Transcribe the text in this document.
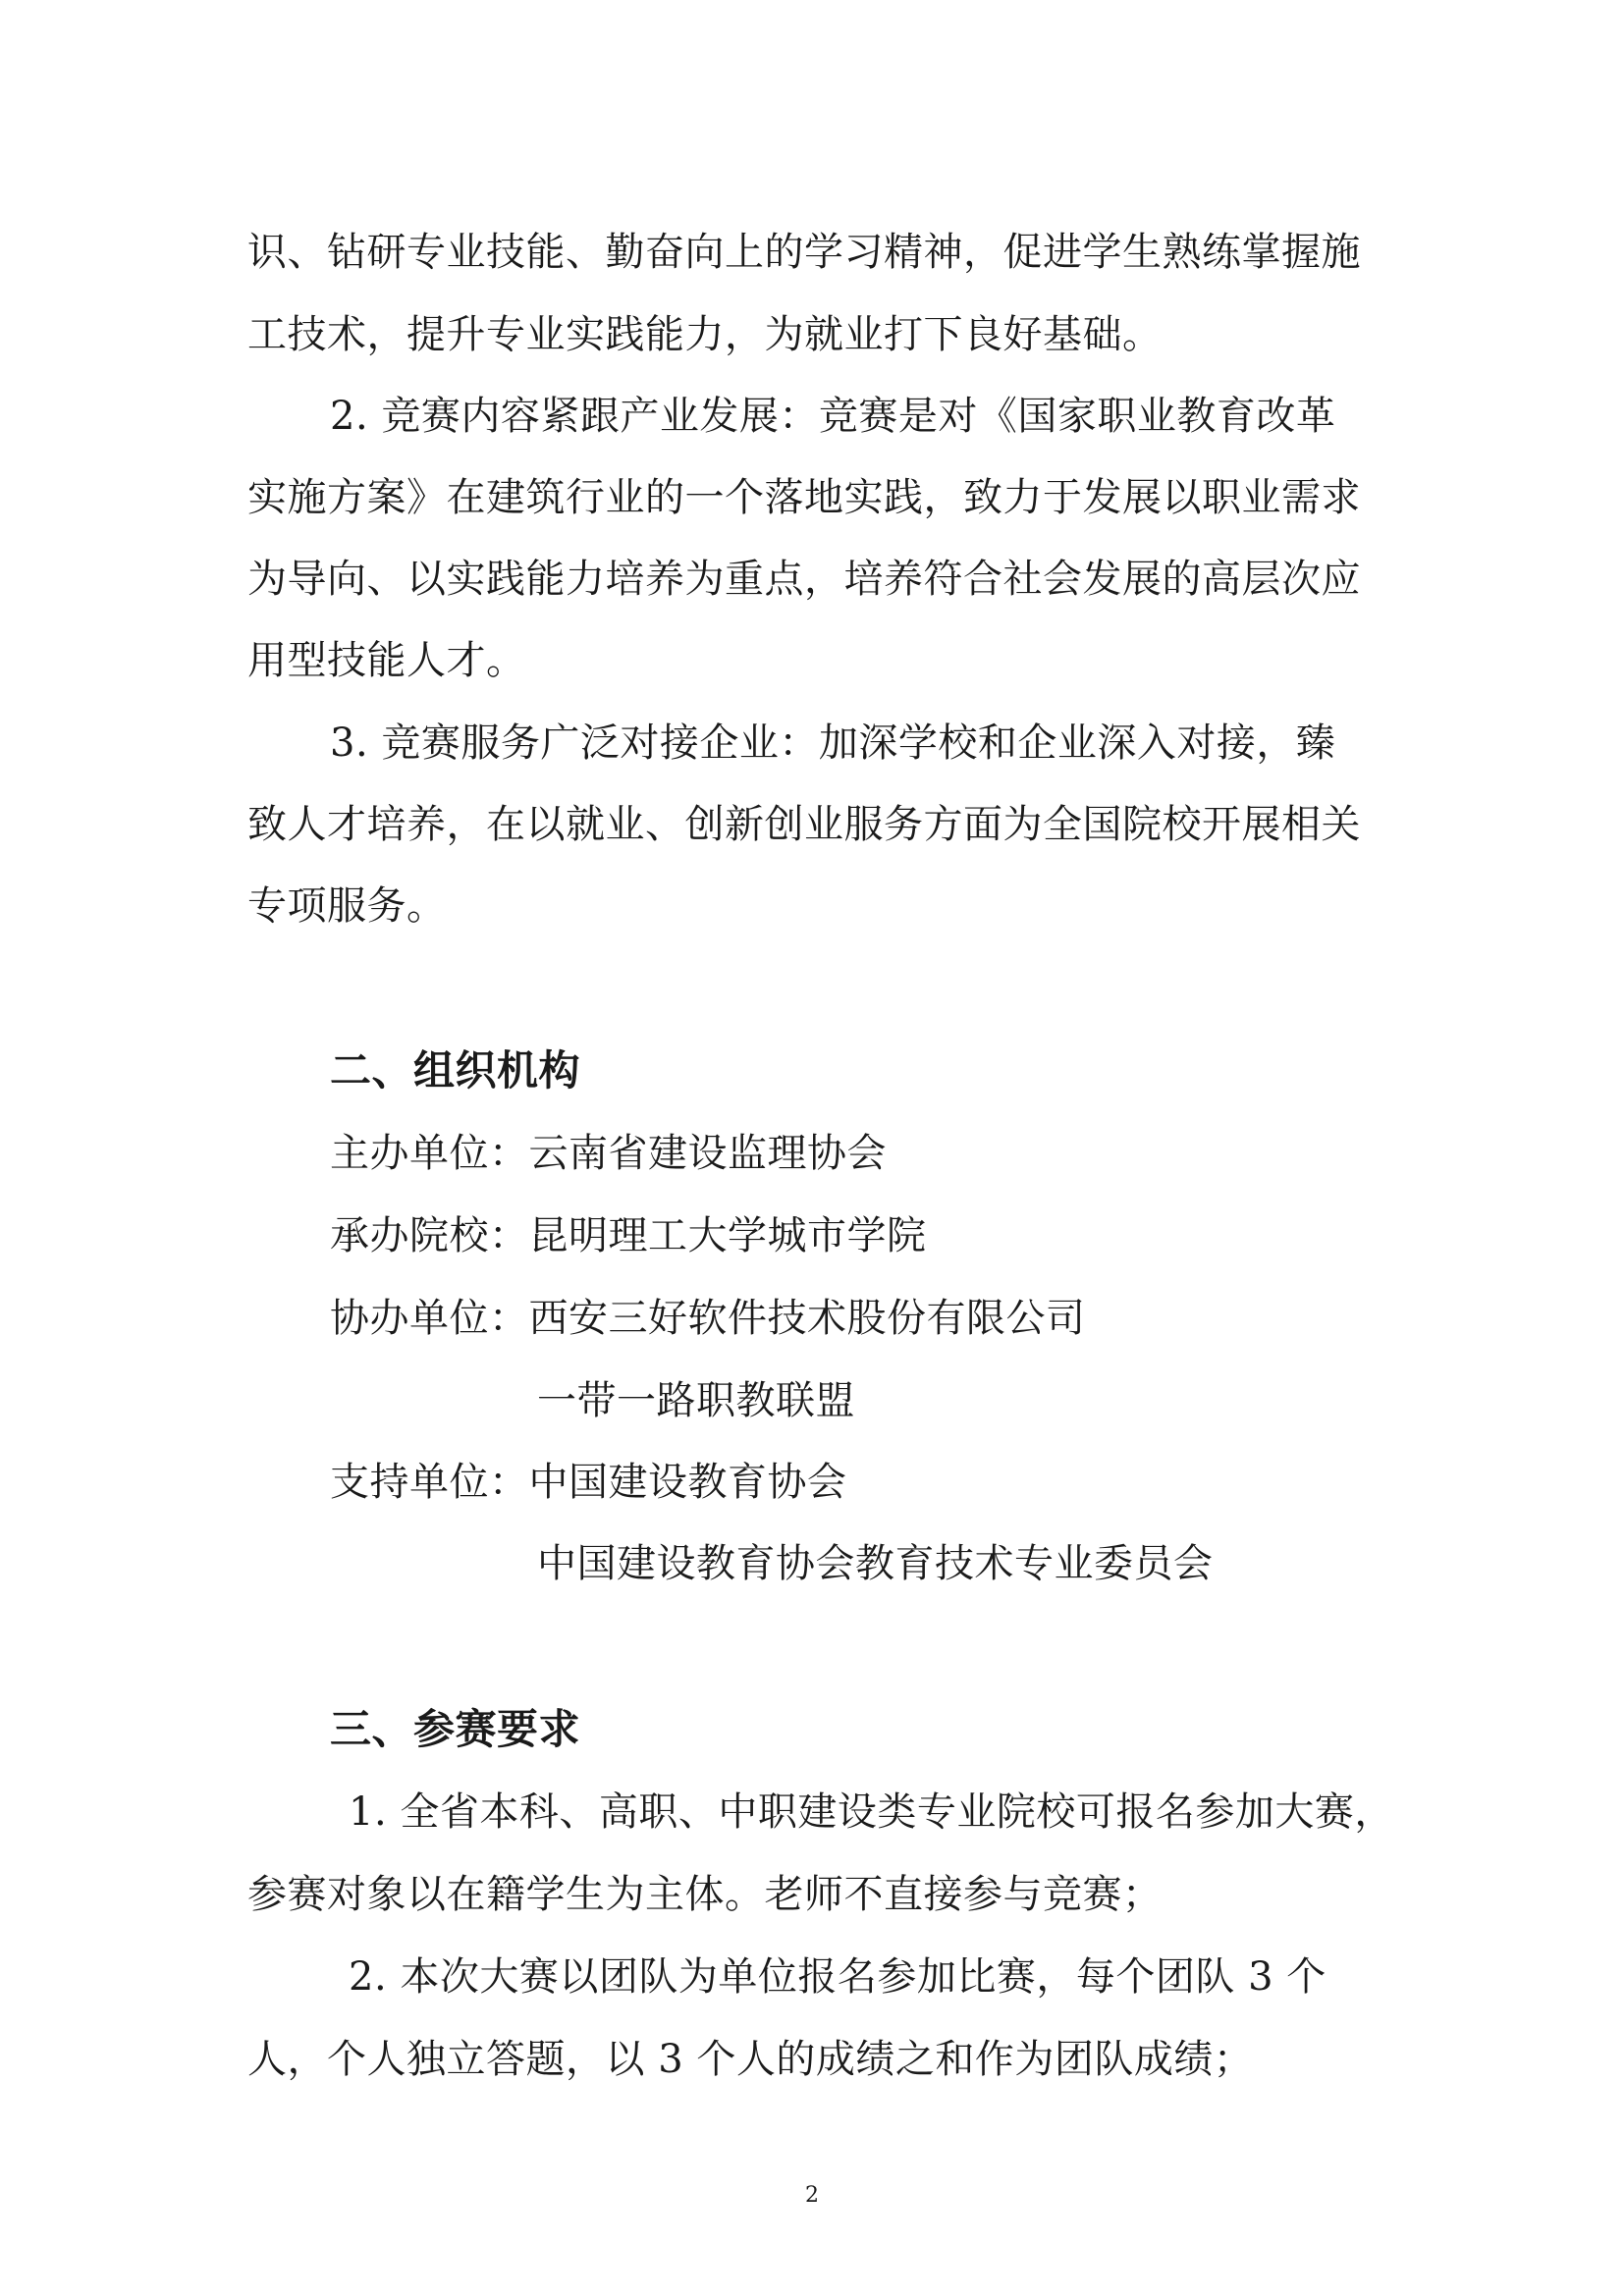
识、钻研专业技能、勤奋向上的学习精神，促进学生熟练掌握施

工技术，提升专业实践能力，为就业打下良好基础。

2. 竞赛内容紧跟产业发展：竞赛是对《国家职业教育改革

实施方案》在建筑行业的一个落地实践，致力于发展以职业需求

为导向、以实践能力培养为重点，培养符合社会发展的高层次应

用型技能人才。

3. 竞赛服务广泛对接企业：加深学校和企业深入对接，臻

致人才培养，在以就业、创新创业服务方面为全国院校开展相关

专项服务。

二、组织机构

主办单位：云南省建设监理协会

承办院校：昆明理工大学城市学院

协办单位：西安三好软件技术股份有限公司

一带一路职教联盟

支持单位：中国建设教育协会

中国建设教育协会教育技术专业委员会

三、参赛要求

1. 全省本科、高职、中职建设类专业院校可报名参加大赛，

参赛对象以在籍学生为主体。老师不直接参与竞赛；

2. 本次大赛以团队为单位报名参加比赛，每个团队 3 个

人，个人独立答题，以 3 个人的成绩之和作为团队成绩；

2
